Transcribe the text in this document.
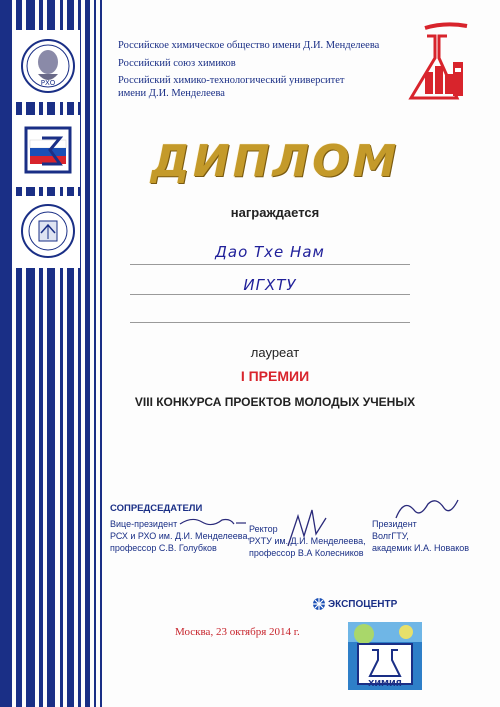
РХО
Российское химическое общество имени Д.И. Менделеева
Российский союз химиков
Российский химико-технологический университет
имени Д.И. Менделеева
ДИПЛОМ
награждается
Дао Тхе Нам
ИГХТУ
лауреат
I ПРЕМИИ
VIII КОНКУРСА ПРОЕКТОВ МОЛОДЫХ УЧЕНЫХ
СОПРЕДСЕДАТЕЛИ
Вице-президент
РСХ и РХО им. Д.И. Менделеева,
профессор С.В. Голубков
Ректор
РХТУ им. Д.И. Менделеева,
профессор В.А Колесников
Президент
ВолгГТУ,
академик И.А. Новаков
ЭКСПОЦЕНТР
Москва, 23 октября 2014 г.
ХИМИЯ
